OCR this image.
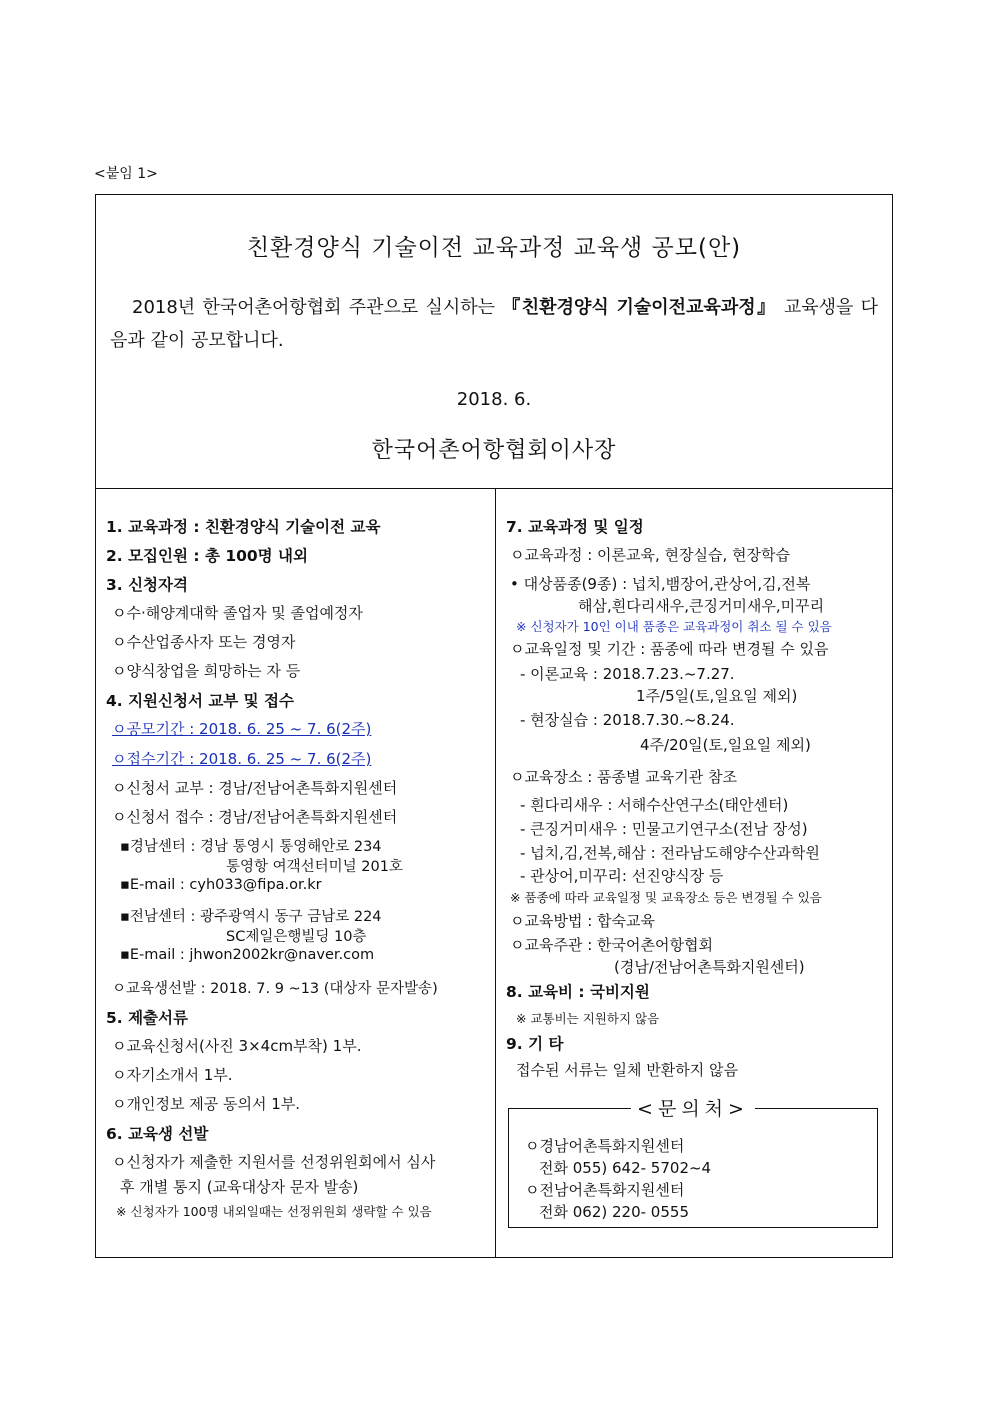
<붙임 1>
친환경양식 기술이전 교육과정 교육생 공모(안)
2018년 한국어촌어항협회 주관으로 실시하는 『친환경양식 기술이전교육과정』 교육생을 다음과 같이 공모합니다.
2018. 6.
한국어촌어항협회이사장
1. 교육과정 : 친환경양식 기술이전 교육
2. 모집인원 : 총 100명 내외
3. 신청자격
ㅇ수·해양계대학 졸업자 및 졸업예정자
ㅇ수산업종사자 또는 경영자
ㅇ양식창업을 희망하는 자 등
4. 지원신청서 교부 및 접수
ㅇ공모기간 : 2018. 6. 25 ~ 7. 6(2주)
ㅇ접수기간 : 2018. 6. 25 ~ 7. 6(2주)
ㅇ신청서 교부 : 경남/전남어촌특화지원센터
ㅇ신청서 접수 : 경남/전남어촌특화지원센터
▪경남센터 : 경남 통영시 통영해안로 234
통영항 여객선터미널 201호
▪E-mail : cyh033@fipa.or.kr
▪전남센터 : 광주광역시 동구 금남로 224
SC제일은행빌딩 10층
▪E-mail : jhwon2002kr@naver.com
ㅇ교육생선발 : 2018. 7. 9 ~13 (대상자 문자발송)
5. 제출서류
ㅇ교육신청서(사진 3×4cm부착) 1부.
ㅇ자기소개서 1부.
ㅇ개인정보 제공 동의서 1부.
6. 교육생 선발
ㅇ신청자가 제출한 지원서를 선정위원회에서 심사
후 개별 통지 (교육대상자 문자 발송)
※ 신청자가 100명 내외일때는 선정위원회 생략할 수 있음
7. 교육과정 및 일정
ㅇ교육과정 : 이론교육, 현장실습, 현장학습
• 대상품종(9종) : 넙치,뱀장어,관상어,김,전복
해삼,흰다리새우,큰징거미새우,미꾸리
※ 신청자가 10인 이내 품종은 교육과정이 취소 될 수 있음
ㅇ교육일정 및 기간 : 품종에 따라 변경될 수 있음
- 이론교육 : 2018.7.23.~7.27.
1주/5일(토,일요일 제외)
- 현장실습 : 2018.7.30.~8.24.
4주/20일(토,일요일 제외)
ㅇ교육장소 : 품종별 교육기관 참조
- 흰다리새우 : 서해수산연구소(태안센터)
- 큰징거미새우 : 민물고기연구소(전남 장성)
- 넙치,김,전복,해삼 : 전라남도해양수산과학원
- 관상어,미꾸리: 선진양식장 등
※ 품종에 따라 교육일정 및 교육장소 등은 변경될 수 있음
ㅇ교육방법 : 합숙교육
ㅇ교육주관 : 한국어촌어항협회
(경남/전남어촌특화지원센터)
8. 교육비 : 국비지원
※ 교통비는 지원하지 않음
9. 기 타
접수된 서류는 일체 반환하지 않음
<문의처>
ㅇ경남어촌특화지원센터
전화 055) 642- 5702~4
ㅇ전남어촌특화지원센터
전화 062) 220- 0555
